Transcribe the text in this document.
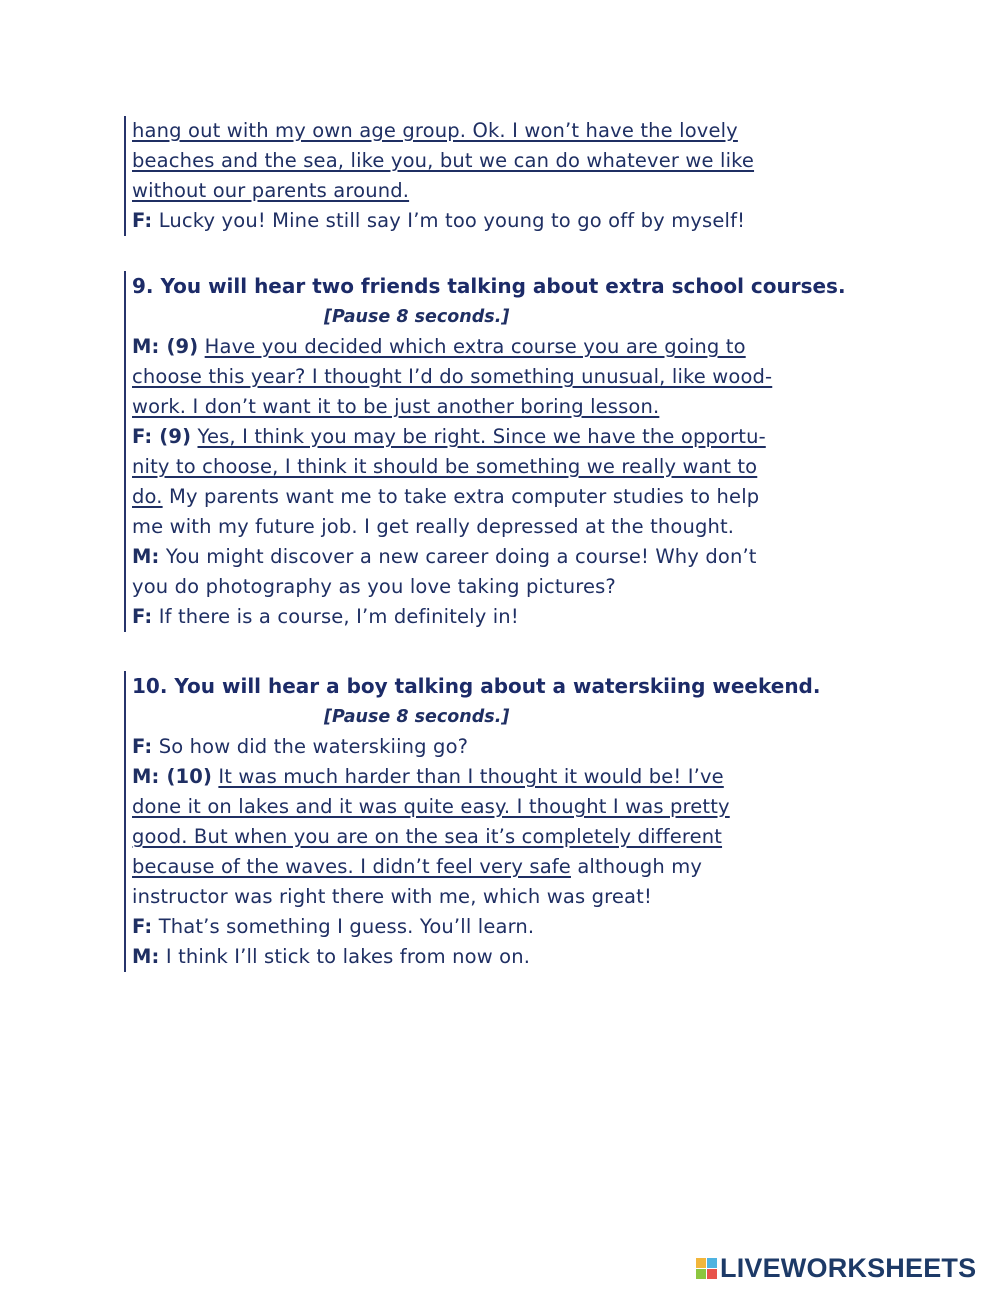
hang out with my own age group. Ok. I won’t have the lovely
beaches and the sea, like you, but we can do whatever we like
without our parents around.
F: Lucky you! Mine still say I’m too young to go off by myself!
9. You will hear two friends talking about extra school courses.
[Pause 8 seconds.]
M: (9) Have you decided which extra course you are going to
choose this year? I thought I’d do something unusual, like wood-
work. I don’t want it to be just another boring lesson.
F: (9) Yes, I think you may be right. Since we have the opportu-
nity to choose, I think it should be something we really want to
do. My parents want me to take extra computer studies to help
me with my future job. I get really depressed at the thought.
M: You might discover a new career doing a course! Why don’t
you do photography as you love taking pictures?
F: If there is a course, I’m definitely in!
10. You will hear a boy talking about a waterskiing weekend.
[Pause 8 seconds.]
F: So how did the waterskiing go?
M: (10) It was much harder than I thought it would be! I’ve
done it on lakes and it was quite easy. I thought I was pretty
good. But when you are on the sea it’s completely different
because of the waves. I didn’t feel very safe although my
instructor was right there with me, which was great!
F: That’s something I guess. You’ll learn.
M: I think I’ll stick to lakes from now on.
LIVEWORKSHEETS
